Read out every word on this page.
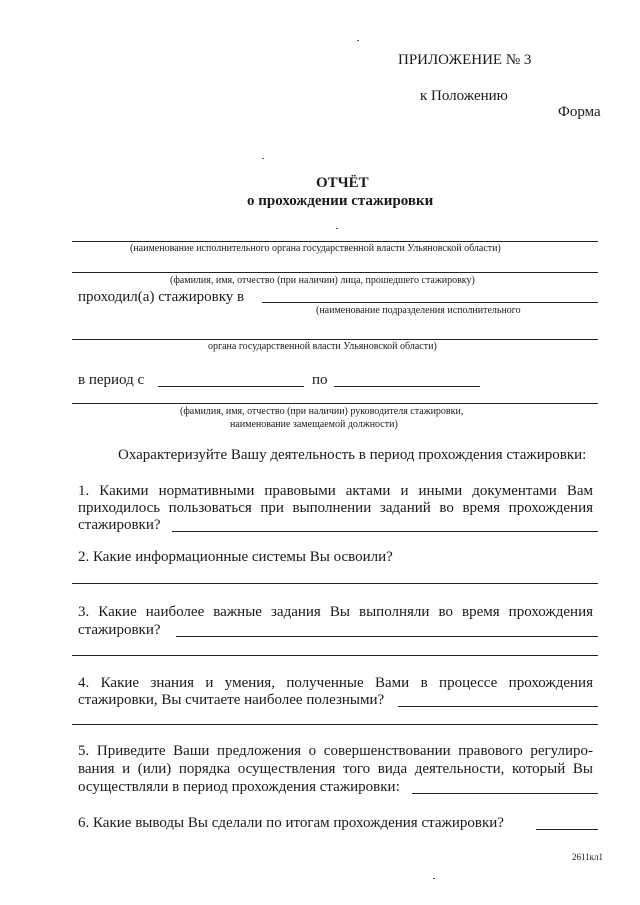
ПРИЛОЖЕНИЕ № 3
к Положению
Форма
ОТЧЁТ
о прохождении стажировки
(наименование исполнительного органа государственной власти Ульяновской области)
(фамилия, имя, отчество (при наличии) лица, прошедшего стажировку)
проходил(а) стажировку в
(наименование подразделения исполнительного
органа государственной власти Ульяновской области)
в период с	по
(фамилия, имя, отчество (при наличии) руководителя стажировки,
наименование замещаемой должности)
Охарактеризуйте Вашу деятельность в период прохождения стажировки:
1. Какими нормативными правовыми актами и иными документами Вам
приходилось пользоваться при выполнении заданий во время прохождения
стажировки?
2. Какие информационные системы Вы освоили?
3. Какие наиболее важные задания Вы выполняли во время прохождения
стажировки?
4. Какие знания и умения, полученные Вами в процессе прохождения
стажировки, Вы считаете наиболее полезными?
5. Приведите Ваши предложения о совершенствовании правового регулиро-
вания и (или) порядка осуществления того вида деятельности, который Вы
осуществляли в период прохождения стажировки:
6. Какие выводы Вы сделали по итогам прохождения стажировки?
2611кл1
